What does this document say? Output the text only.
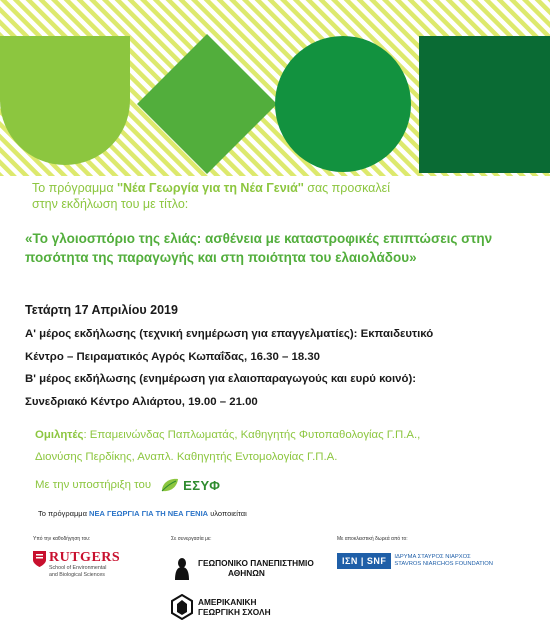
Το πρόγραμμα ''Νέα Γεωργία για τη Νέα Γενιά'' σας προσκαλεί
στην εκδήλωση του με τίτλο:
«Το γλοιοσπόριο της ελιάς: ασθένεια με καταστροφικές επιπτώσεις στην ποσότητα της παραγωγής και στη ποιότητα του ελαιολάδου»
Τετάρτη 17 Απριλίου 2019
Α' μέρος εκδήλωσης (τεχνική ενημέρωση για επαγγελματίες): Εκπαιδευτικό
Κέντρο – Πειραματικός Αγρός Κωπαΐδας, 16.30 – 18.30
Β' μέρος εκδήλωσης (ενημέρωση για ελαιοπαραγωγούς και ευρύ κοινό):
Συνεδριακό Κέντρο Αλιάρτου, 19.00 – 21.00
Ομιλητές: Επαμεινώνδας Παπλωματάς, Καθηγητής Φυτοπαθολογίας Γ.Π.Α.,
Διονύσης Περδίκης, Αναπλ. Καθηγητής Εντομολογίας Γ.Π.Α.
Με την υποστήριξη του ΕΣΥΦ
Το πρόγραμμα ΝΕΑ ΓΕΩΡΓΙΑ ΓΙΑ ΤΗ ΝΕΑ ΓΕΝΙΑ υλοποιείται
Υπό την καθοδήγηση του:	Σε συνεργασία με:	Με αποκλειστική δωρεά από το:
RUTGERS
School of Environmental
and Biological Sciences
ΓΕΩΠΟΝΙΚΟ ΠΑΝΕΠΙΣΤΗΜΙΟ
ΑΘΗΝΩΝ
ΑΜΕΡΙΚΑΝΙΚΗ
ΓΕΩΡΓΙΚΗ ΣΧΟΛΗ
ΙΣΝ | SNF	ΙΔΡΥΜΑ ΣΤΑΥΡΟΣ ΝΙΑΡΧΟΣ
STAVROS NIARCHOS FOUNDATION
